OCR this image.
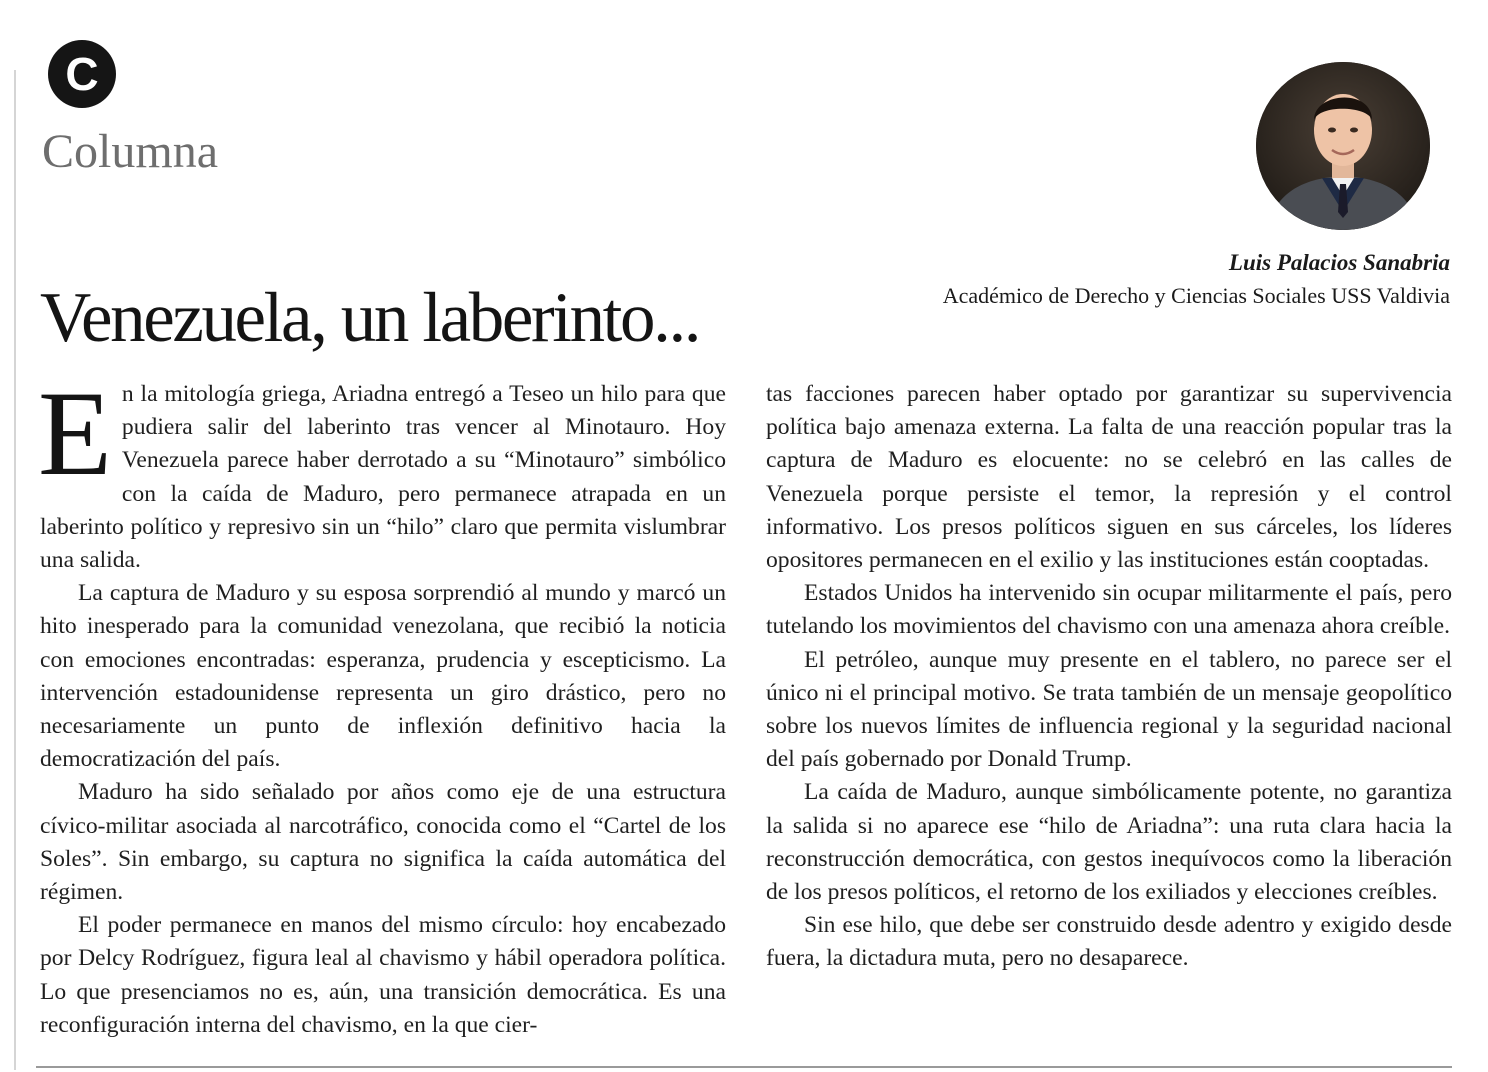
C
Columna
Luis Palacios Sanabria
Académico de Derecho y Ciencias Sociales USS Valdivia
Venezuela, un laberinto...

En la mitología griega, Ariadna entregó a Teseo un hilo para que pudiera salir del laberinto tras vencer al Minotauro. Hoy Venezuela parece haber derrotado a su “Minotauro” simbólico con la caída de Maduro, pero permanece atrapada en un laberinto político y represivo sin un “hilo” claro que permita vislumbrar una salida.

La captura de Maduro y su esposa sorprendió al mundo y marcó un hito inesperado para la comunidad venezolana, que recibió la noticia con emociones encontradas: esperanza, prudencia y escepticismo. La intervención estadounidense representa un giro drástico, pero no necesariamente un punto de inflexión definitivo hacia la democratización del país.

Maduro ha sido señalado por años como eje de una estructura cívico-militar asociada al narcotráfico, conocida como el “Cartel de los Soles”. Sin embargo, su captura no significa la caída automática del régimen.

El poder permanece en manos del mismo círculo: hoy encabezado por Delcy Rodríguez, figura leal al chavismo y hábil operadora política. Lo que presenciamos no es, aún, una transición democrática. Es una reconfiguración interna del chavismo, en la que cier-

tas facciones parecen haber optado por garantizar su supervivencia política bajo amenaza externa. La falta de una reacción popular tras la captura de Maduro es elocuente: no se celebró en las calles de Venezuela porque persiste el temor, la represión y el control informativo. Los presos políticos siguen en sus cárceles, los líderes opositores permanecen en el exilio y las instituciones están cooptadas.

Estados Unidos ha intervenido sin ocupar militarmente el país, pero tutelando los movimientos del chavismo con una amenaza ahora creíble.

El petróleo, aunque muy presente en el tablero, no parece ser el único ni el principal motivo. Se trata también de un mensaje geopolítico sobre los nuevos límites de influencia regional y la seguridad nacional del país gobernado por Donald Trump.

La caída de Maduro, aunque simbólicamente potente, no garantiza la salida si no aparece ese “hilo de Ariadna”: una ruta clara hacia la reconstrucción democrática, con gestos inequívocos como la liberación de los presos políticos, el retorno de los exiliados y elecciones creíbles.

Sin ese hilo, que debe ser construido desde adentro y exigido desde fuera, la dictadura muta, pero no desaparece.
